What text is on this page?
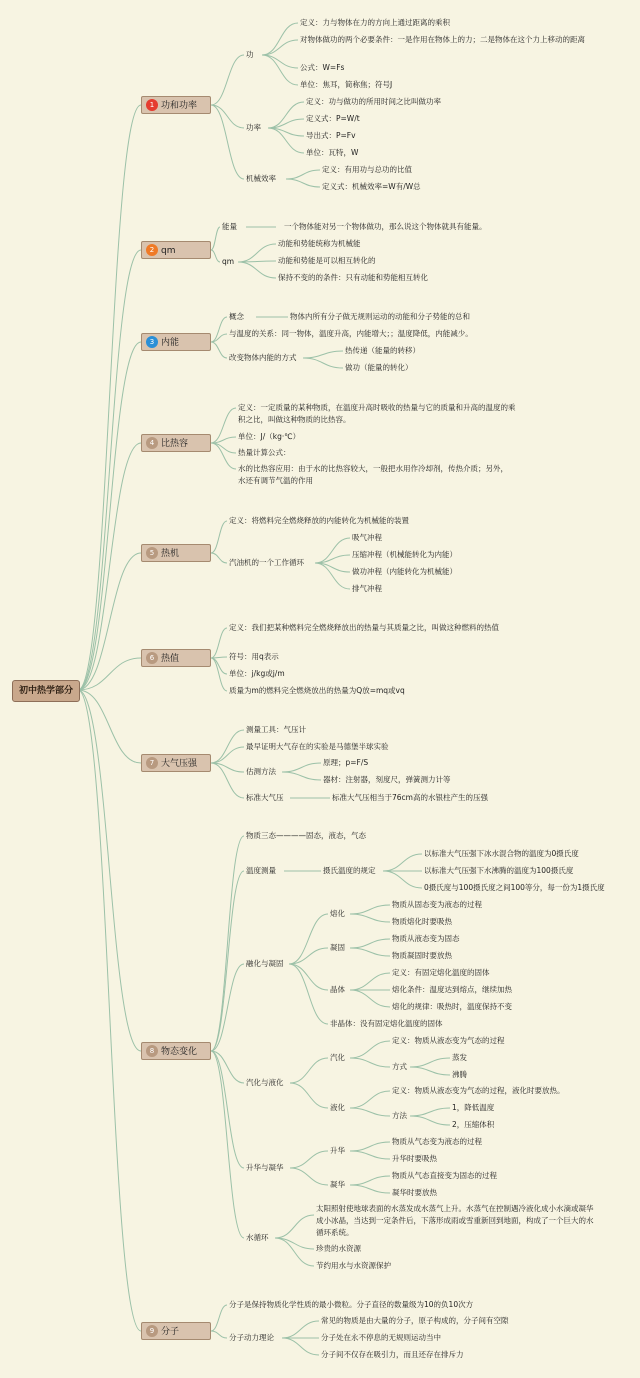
初中热学部分
1 功和功率
2 qm
3 内能
4 比热容
5 热机
6 热值
7 大气压强
8 物态变化
9 分子
功
定义：力与物体在力的方向上通过距离的乘积
对物体做功的两个必要条件：一是作用在物体上的力；二是物体在这个力上移动的距离
公式：W=Fs
单位：焦耳，简称焦；符号J
功率
定义：功与做功的所用时间之比叫做功率
定义式：P=W/t
导出式：P=Fv
单位：瓦特，W
机械效率
定义：有用功与总功的比值
定义式：机械效率=W有/W总
能量	一个物体能对另一个物体做功，那么说这个物体就具有能量。
qm
动能和势能统称为机械能
动能和势能是可以相互转化的
保持不变的的条件：只有动能和势能相互转化
概念	物体内所有分子做无规则运动的动能和分子势能的总和
与温度的关系：同一物体，温度升高，内能增大；；温度降低，内能减少。
改变物体内能的方式
热传递（能量的转移）
做功（能量的转化）
定义：一定质量的某种物质，在温度升高时吸收的热量与它的质量和升高的温度的乘积之比，叫做这种物质的比热容。
单位：J/（kg·℃）
热量计算公式：
水的比热容应用：由于水的比热容较大，一般把水用作冷却剂，传热介质；另外，水还有调节气温的作用
定义：将燃料完全燃烧释放的内能转化为机械能的装置
汽油机的一个工作循环
吸气冲程
压缩冲程（机械能转化为内能）
做功冲程（内能转化为机械能）
排气冲程
定义：我们把某种燃料完全燃烧释放出的热量与其质量之比，叫做这种燃料的热值
符号：用q表示
单位：j/kg或j/m
质量为m的燃料完全燃烧放出的热量为Q放=mq或vq
测量工具：气压计
最早证明大气存在的实验是马德堡半球实验
估测方法
原理；p=F/S
器材：注射器，刻度尺，弹簧测力计等
标准大气压	标准大气压相当于76cm高的水银柱产生的压强
物质三态————固态，液态，气态
温度测量	摄氏温度的规定
以标准大气压强下冰水混合物的温度为0摄氏度
以标准大气压强下水沸腾的温度为100摄氏度
0摄氏度与100摄氏度之间100等分，每一份为1摄氏度
融化与凝固
熔化
物质从固态变为液态的过程
物质熔化时要吸热
凝固
物质从液态变为固态
物质凝固时要放热
晶体
定义：有固定熔化温度的固体
熔化条件：温度达到熔点，继续加热
熔化的规律：吸热时，温度保持不变
非晶体：没有固定熔化温度的固体
汽化与液化
汽化
定义：物质从液态变为气态的过程
方式
蒸发
沸腾
液化
定义：物质从液态变为气态的过程，液化时要放热。
方法
1，降低温度
2，压缩体积
升华与凝华
升华
物质从气态变为液态的过程
升华时要吸热
凝华
物质从气态直接变为固态的过程
凝华时要放热
水循环
太阳照射使地球表面的水蒸发成水蒸气上升。水蒸气在控制遇冷液化成小水滴或凝华成小冰晶，当达到一定条件后，下落形成雨或雪重新回到地面，构成了一个巨大的水循环系统。
珍贵的水资源
节约用水与水资源保护
分子是保持物质化学性质的最小微粒。分子直径的数量级为10的负10次方
分子动力理论
常见的物质是由大量的分子，原子构成的，分子间有空隙
分子处在永不停息的无规则运动当中
分子间不仅存在吸引力，而且还存在排斥力
